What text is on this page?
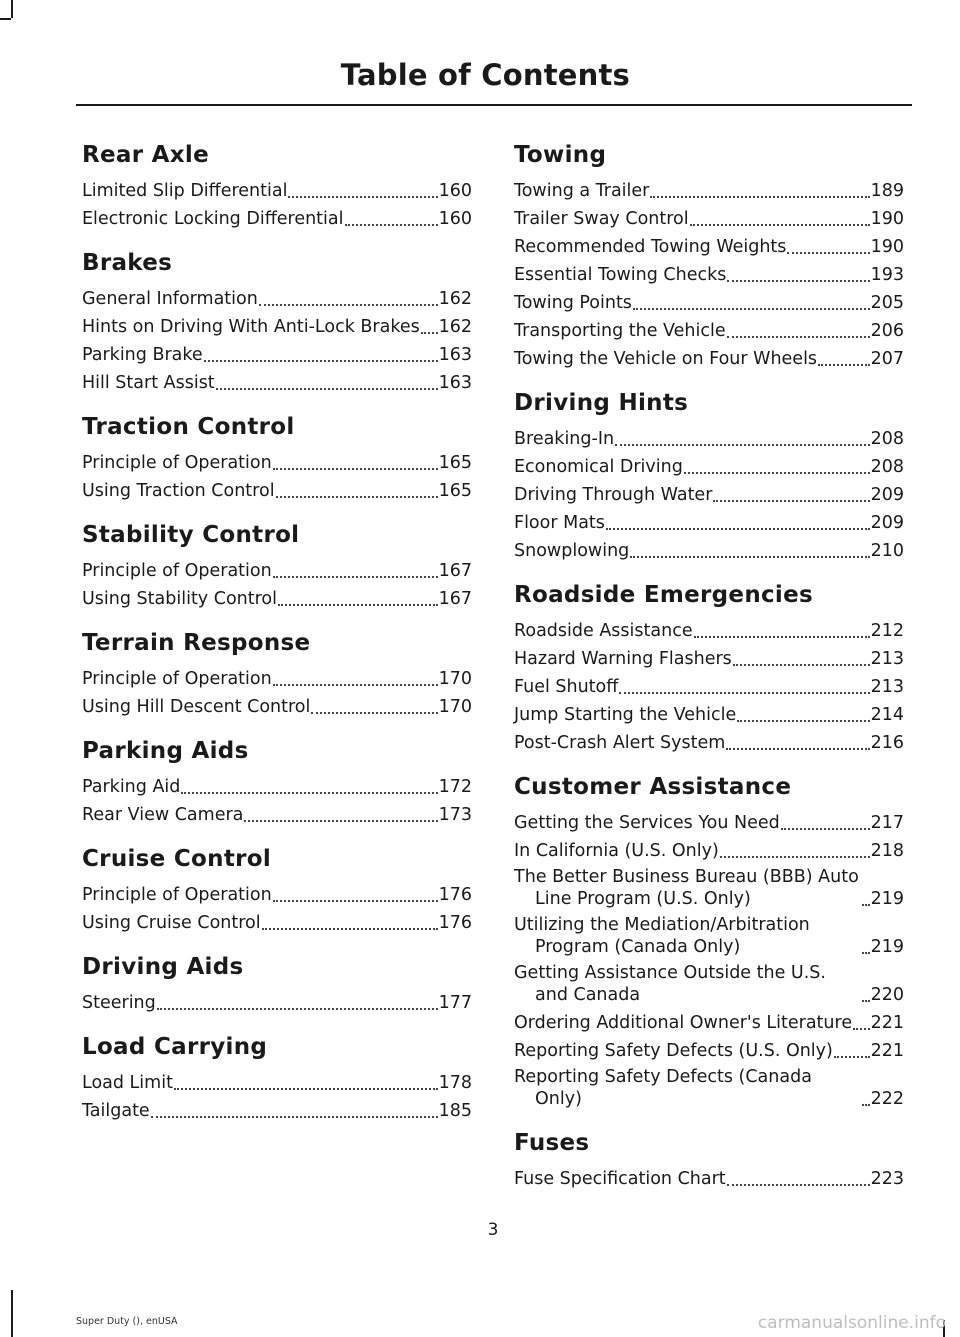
Table of Contents
Rear Axle
Limited Slip Differential	160
Electronic Locking Differential	160
Brakes
General Information	162
Hints on Driving With Anti-Lock Brakes 162
Parking Brake	163
Hill Start Assist	163
Traction Control
Principle of Operation	165
Using Traction Control	165
Stability Control
Principle of Operation	167
Using Stability Control	167
Terrain Response
Principle of Operation	170
Using Hill Descent Control	170
Parking Aids
Parking Aid	172
Rear View Camera	173
Cruise Control
Principle of Operation	176
Using Cruise Control	176
Driving Aids
Steering	177
Load Carrying
Load Limit	178
Tailgate	185
Towing
Towing a Trailer	189
Trailer Sway Control	190
Recommended Towing Weights	190
Essential Towing Checks	193
Towing Points	205
Transporting the Vehicle	206
Towing the Vehicle on Four Wheels	207
Driving Hints
Breaking-In	208
Economical Driving	208
Driving Through Water	209
Floor Mats	209
Snowplowing	210
Roadside Emergencies
Roadside Assistance	212
Hazard Warning Flashers	213
Fuel Shutoff	213
Jump Starting the Vehicle	214
Post-Crash Alert System	216
Customer Assistance
Getting the Services You Need	217
In California (U.S. Only)	218
The Better Business Bureau (BBB) Auto Line Program (U.S. Only)	219
Utilizing the Mediation/Arbitration Program (Canada Only)	219
Getting Assistance Outside the U.S. and Canada	220
Ordering Additional Owner's Literature 221
Reporting Safety Defects (U.S. Only) 221
Reporting Safety Defects (Canada Only)	222
Fuses
Fuse Specification Chart	223
3
Super Duty (), enUSA	carmanualsonline.info
